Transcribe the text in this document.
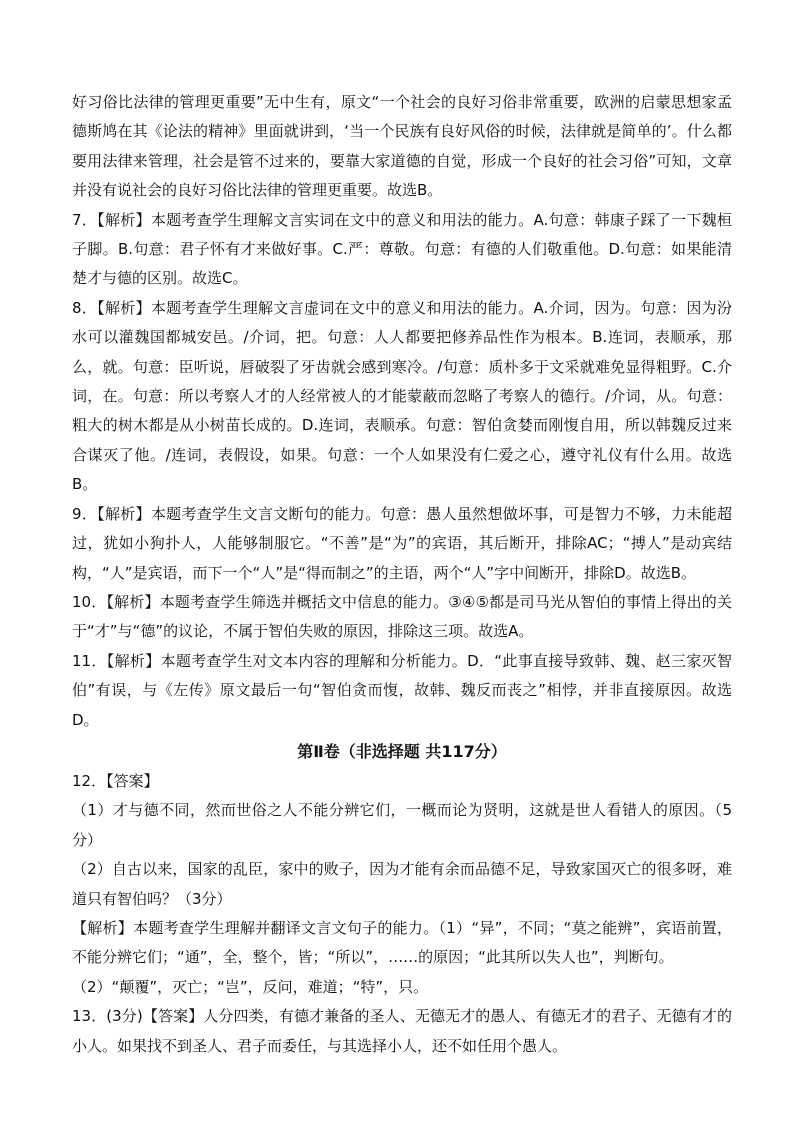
好习俗比法律的管理更重要”无中生有，原文“一个社会的良好习俗非常重要，欧洲的启蒙思想家孟德斯鸠在其《论法的精神》里面就讲到，‘当一个民族有良好风俗的时候，法律就是简单的’。什么都要用法律来管理，社会是管不过来的，要靠大家道德的自觉，形成一个良好的社会习俗”可知，文章并没有说社会的良好习俗比法律的管理更重要。故选B。

7．【解析】本题考查学生理解文言实词在文中的意义和用法的能力。A.句意：韩康子踩了一下魏桓子脚。B.句意：君子怀有才来做好事。C.严：尊敬。句意：有德的人们敬重他。D.句意：如果能清楚才与德的区别。故选C。

8．【解析】本题考查学生理解文言虚词在文中的意义和用法的能力。A.介词，因为。句意：因为汾水可以灌魏国都城安邑。/介词，把。句意：人人都要把修养品性作为根本。B.连词，表顺承，那么，就。句意：臣听说，唇破裂了牙齿就会感到寒冷。/句意：质朴多于文采就难免显得粗野。C.介词，在。句意：所以考察人才的人经常被人的才能蒙蔽而忽略了考察人的德行。/介词，从。句意：粗大的树木都是从小树苗长成的。D.连词，表顺承。句意：智伯贪婪而刚愎自用，所以韩魏反过来合谋灭了他。/连词，表假设，如果。句意：一个人如果没有仁爱之心，遵守礼仪有什么用。故选B。

9．【解析】本题考查学生文言文断句的能力。句意：愚人虽然想做坏事，可是智力不够，力未能超过，犹如小狗扑人，人能够制服它。“不善”是“为”的宾语，其后断开，排除AC；“搏人”是动宾结构，“人”是宾语，而下一个“人”是“得而制之”的主语，两个“人”字中间断开，排除D。故选B。

10．【解析】本题考查学生筛选并概括文中信息的能力。③④⑤都是司马光从智伯的事情上得出的关于“才”与“德”的议论，不属于智伯失败的原因，排除这三项。故选A。

11．【解析】本题考查学生对文本内容的理解和分析能力。D．“此事直接导致韩、魏、赵三家灭智伯”有误，与《左传》原文最后一句“智伯贪而愎，故韩、魏反而丧之”相悖，并非直接原因。故选D。

第Ⅱ卷（非选择题 共117分）

12．【答案】

（1）才与德不同，然而世俗之人不能分辨它们，一概而论为贤明，这就是世人看错人的原因。（5分）

（2）自古以来，国家的乱臣，家中的败子，因为才能有余而品德不足，导致家国灭亡的很多呀，难道只有智伯吗？（3分）

【解析】本题考查学生理解并翻译文言文句子的能力。（1）“异”，不同；“莫之能辨”，宾语前置，不能分辨它们；“通”，全，整个，皆；“所以”，……的原因；“此其所以失人也”，判断句。

（2）“颠覆”，灭亡；“岂”，反问，难道；“特”，只。

13．(3分)【答案】人分四类，有德才兼备的圣人、无德无才的愚人、有德无才的君子、无德有才的小人。如果找不到圣人、君子而委任，与其选择小人，还不如任用个愚人。
